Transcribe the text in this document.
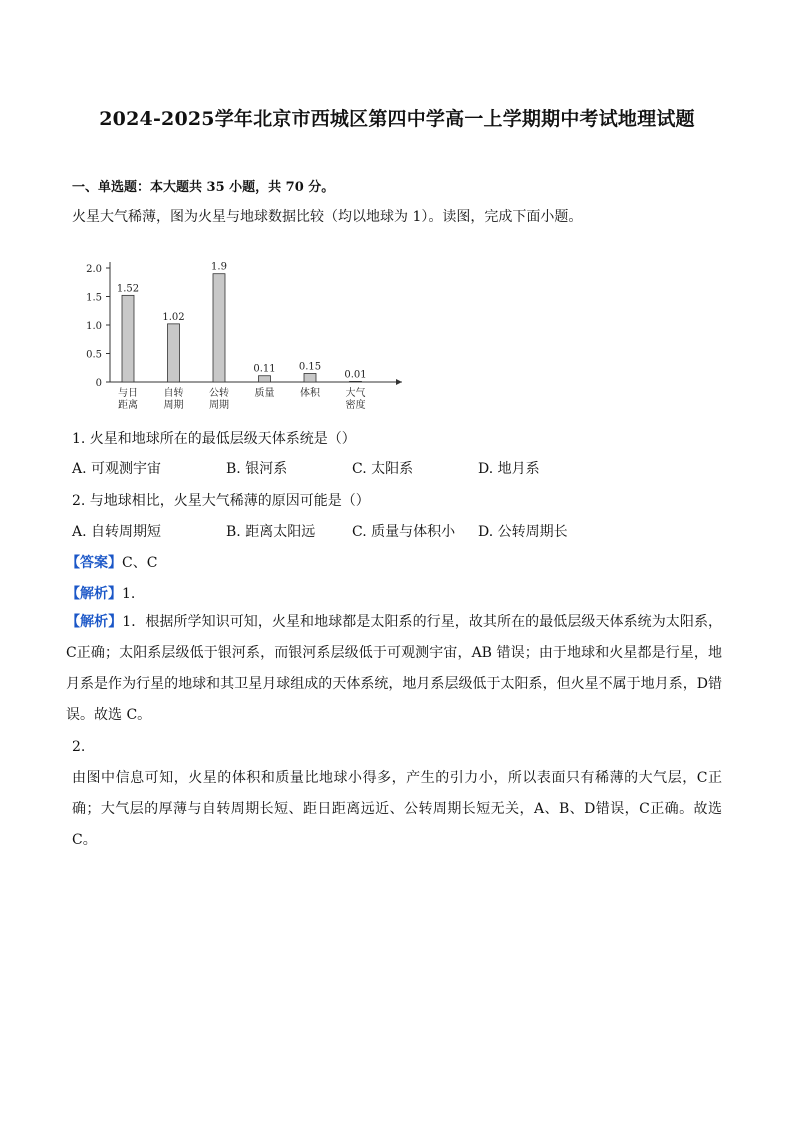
2024-2025学年北京市西城区第四中学高一上学期期中考试地理试题
一、单选题：本大题共 35 小题，共 70 分。
火星大气稀薄，图为火星与地球数据比较（均以地球为 1）。读图，完成下面小题。
2.0
1.5
1.0
0.5
0
1.52
与日
距离
1.02
自转
周期
1.9
公转
周期
0.11
质量
0.15
体积
0.01
大气
密度
1. 火星和地球所在的最低层级天体系统是（）
A. 可观测宇宙	B. 银河系	C. 太阳系	D. 地月系
2. 与地球相比，火星大气稀薄的原因可能是（）
A. 自转周期短	B. 距离太阳远	C. 质量与体积小 D. 公转周期长
【答案】C、C
【解析】1.
【解析】1．根据所学知识可知，火星和地球都是太阳系的行星，故其所在的最低层级天体系统为太阳系，C正确；太阳系层级低于银河系，而银河系层级低于可观测宇宙，AB 错误；由于地球和火星都是行星，地月系是作为行星的地球和其卫星月球组成的天体系统，地月系层级低于太阳系，但火星不属于地月系，D错误。故选 C。
2.
由图中信息可知，火星的体积和质量比地球小得多，产生的引力小，所以表面只有稀薄的大气层，C正确；大气层的厚薄与自转周期长短、距日距离远近、公转周期长短无关，A、B、D错误，C正确。故选 C。
